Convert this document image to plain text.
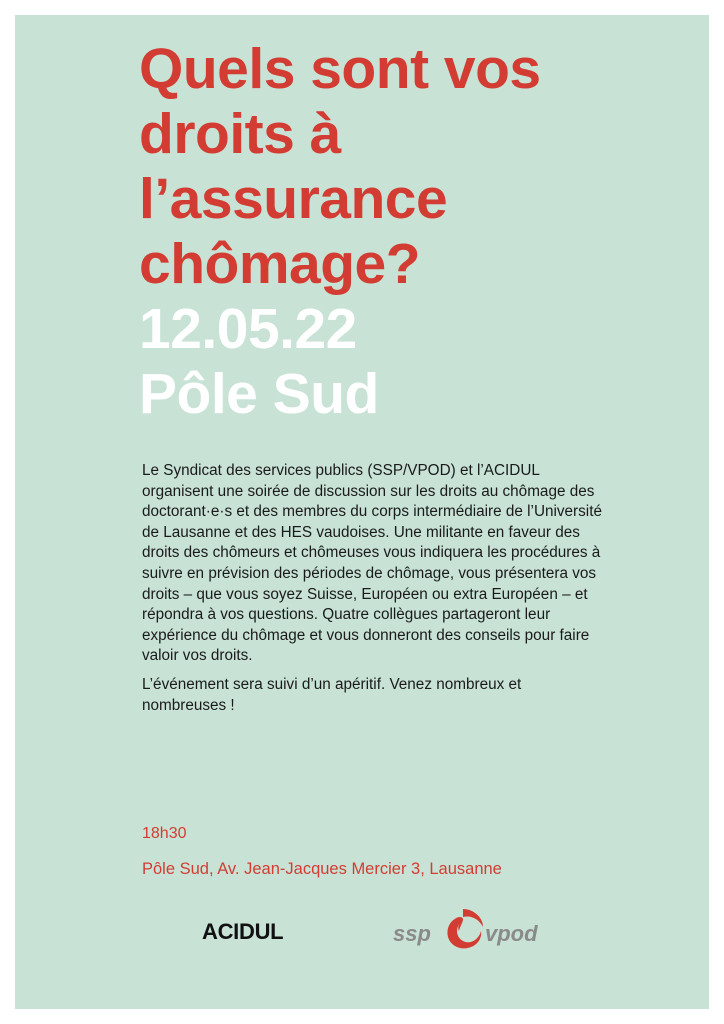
Quels sont vos
droits à
l’assurance
chômage?
12.05.22
Pôle Sud

Le Syndicat des services publics (SSP/VPOD) et l’ACIDUL
organisent une soirée de discussion sur les droits au chômage des
doctorant·e·s et des membres du corps intermédiaire de l’Université
de Lausanne et des HES vaudoises. Une militante en faveur des
droits des chômeurs et chômeuses vous indiquera les procédures à
suivre en prévision des périodes de chômage, vous présentera vos
droits – que vous soyez Suisse, Européen ou extra Européen – et
répondra à vos questions. Quatre collègues partageront leur
expérience du chômage et vous donneront des conseils pour faire
valoir vos droits.

L’événement sera suivi d’un apéritif. Venez nombreux et
nombreuses !

18h30
Pôle Sud, Av. Jean-Jacques Mercier 3, Lausanne
ACIDUL	ssp vpod
